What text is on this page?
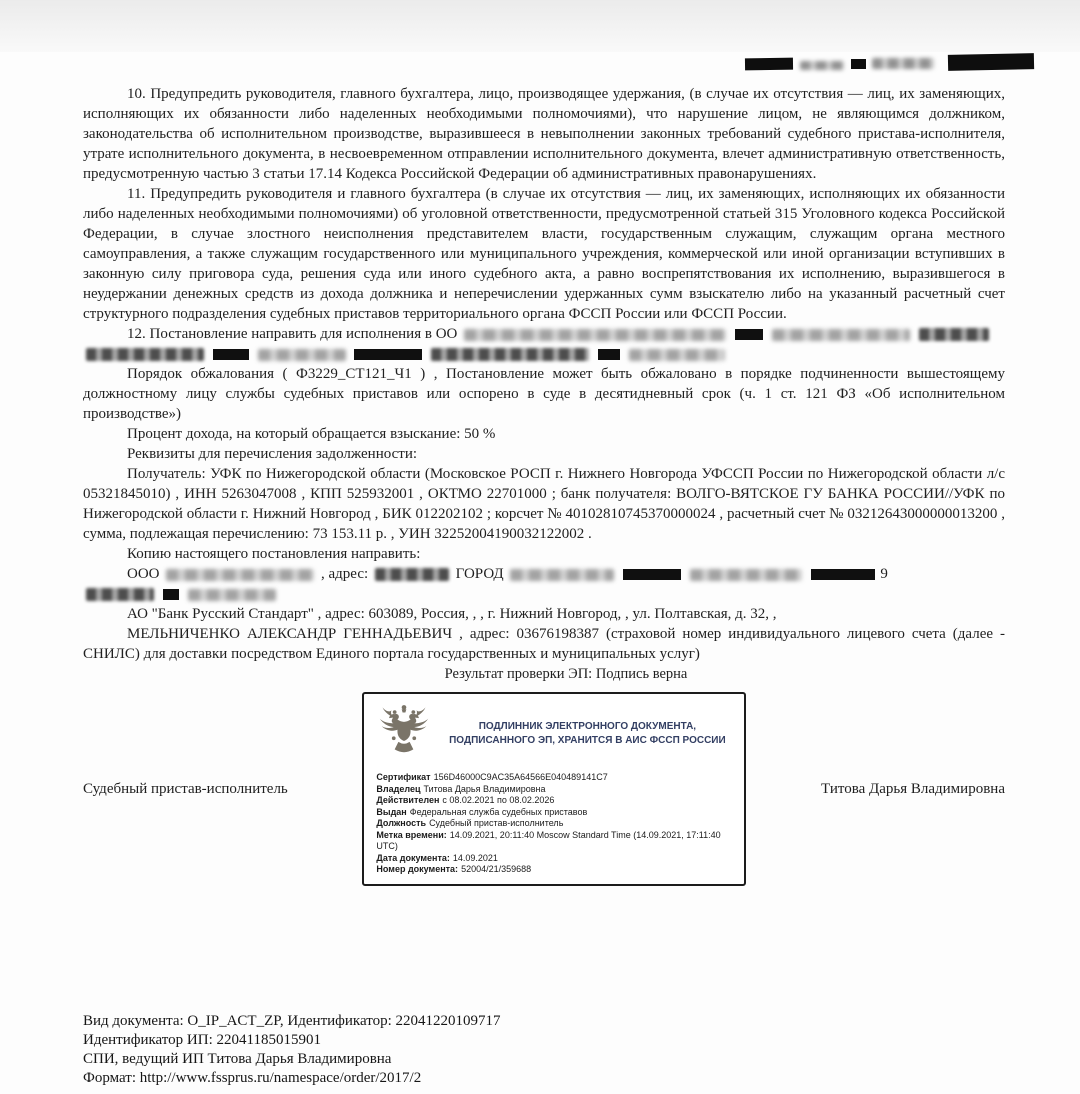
10. Предупредить руководителя, главного бухгалтера, лицо, производящее удержания, (в случае их отсутствия — лиц, их заменяющих, исполняющих их обязанности либо наделенных необходимыми полномочиями), что нарушение лицом, не являющимся должником, законодательства об исполнительном производстве, выразившееся в невыполнении законных требований судебного пристава-исполнителя, утрате исполнительного документа, в несвоевременном отправлении исполнительного документа, влечет административную ответственность, предусмотренную частью 3 статьи 17.14 Кодекса Российской Федерации об административных правонарушениях.

11. Предупредить руководителя и главного бухгалтера (в случае их отсутствия — лиц, их заменяющих, исполняющих их обязанности либо наделенных необходимыми полномочиями) об уголовной ответственности, предусмотренной статьей 315 Уголовного кодекса Российской Федерации, в случае злостного неисполнения представителем власти, государственным служащим, служащим органа местного самоуправления, а также служащим государственного или муниципального учреждения, коммерческой или иной организации вступивших в законную силу приговора суда, решения суда или иного судебного акта, а равно воспрепятствования их исполнению, выразившегося в неудержании денежных средств из дохода должника и неперечислении удержанных сумм взыскателю либо на указанный расчетный счет структурного подразделения судебных приставов территориального органа ФССП России или ФССП России.

12. Постановление направить для исполнения в ОО

Порядок обжалования ( Ф3229_СТ121_Ч1 ) , Постановление может быть обжаловано в порядке подчиненности вышестоящему должностному лицу службы судебных приставов или оспорено в суде в десятидневный срок (ч. 1 ст. 121 ФЗ «Об исполнительном производстве»)

Процент дохода, на который обращается взыскание: 50 %

Реквизиты для перечисления задолженности:

Получатель: УФК по Нижегородской области (Московское РОСП г. Нижнего Новгорода УФССП России по Нижегородской области л/с 05321845010) , ИНН 5263047008 , КПП 525932001 , ОКТМО 22701000 ; банк получателя: ВОЛГО-ВЯТСКОЕ ГУ БАНКА РОССИИ//УФК по Нижегородской области г. Нижний Новгород , БИК 012202102 ; корсчет № 40102810745370000024 , расчетный счет № 03212643000000013200 , сумма, подлежащая перечислению: 73 153.11 р. , УИН 32252004190032122002 .

Копию настоящего постановления направить:

ООО	, адрес:	ГОРОД	9

АО "Банк Русский Стандарт" , адрес: 603089, Россия, , , г. Нижний Новгород, , ул. Полтавская, д. 32, ,

МЕЛЬНИЧЕНКО АЛЕКСАНДР ГЕННАДЬЕВИЧ , адрес: 03676198387 (страховой номер индивидуального лицевого счета (далее - СНИЛС) для доставки посредством Единого портала государственных и муниципальных услуг)

Результат проверки ЭП: Подпись верна

Судебный пристав-исполнитель
ПОДЛИННИК ЭЛЕКТРОННОГО ДОКУМЕНТА, ПОДПИСАННОГО ЭП, ХРАНИТСЯ В АИС ФССП РОССИИ
Сертификат 156D46000C9AC35A64566E040489141C7
Владелец Титова Дарья Владимировна
Действителен с 08.02.2021 по 08.02.2026
Выдан Федеральная служба судебных приставов
Должность Судебный пристав-исполнитель
Метка времени: 14.09.2021, 20:11:40 Moscow Standard Time (14.09.2021, 17:11:40 UTC)
Дата документа: 14.09.2021
Номер документа: 52004/21/359688
Титова Дарья Владимировна
Вид документа: O_IP_ACT_ZP, Идентификатор: 22041220109717
Идентификатор ИП: 22041185015901
СПИ, ведущий ИП Титова Дарья Владимировна
Формат: http://www.fssprus.ru/namespace/order/2017/2
